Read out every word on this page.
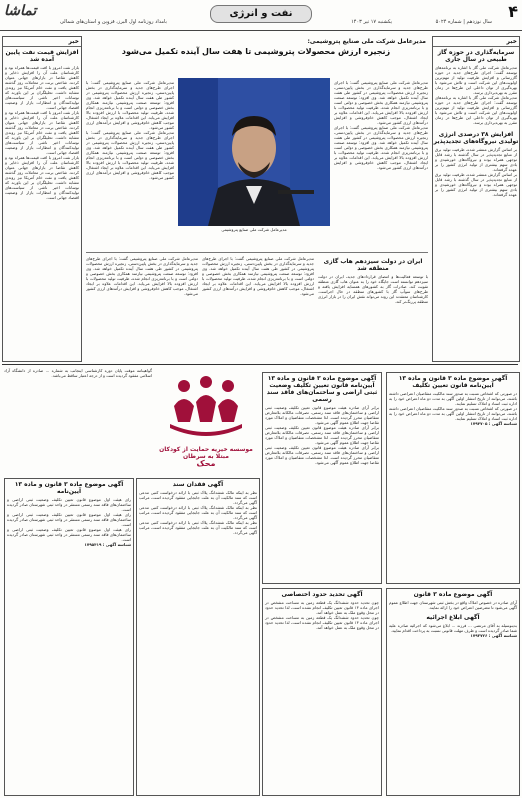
۴
نفت و انرژی
تماشا
سال نوزدهم | شماره ۵۰۲۴
یکشنبه ۱۷ تیر ۱۴۰۳
بامداد روزنامه اول البرز، قزوین و استان‌های شمالی
خبر
افزایش قیمت نفت پایین آمده شد

بازار نفت امروز با افت قیمت‌ها همراه بود و کارشناسان علت آن را افزایش ذخایر و کاهش تقاضا در بازارهای جهانی عنوان کردند. شاخص برنت در معاملات روز گذشته کاهش یافت و نفت خام آمریکا نیز روندی مشابه داشت. تحلیلگران بر این باورند که نوسانات اخیر ناشی از سیاست‌های تولیدکنندگان و انتظارات بازار از وضعیت اقتصاد جهانی است.

بازار نفت امروز با افت قیمت‌ها همراه بود و کارشناسان علت آن را افزایش ذخایر و کاهش تقاضا در بازارهای جهانی عنوان کردند. شاخص برنت در معاملات روز گذشته کاهش یافت و نفت خام آمریکا نیز روندی مشابه داشت. تحلیلگران بر این باورند که نوسانات اخیر ناشی از سیاست‌های تولیدکنندگان و انتظارات بازار از وضعیت اقتصاد جهانی است.

بازار نفت امروز با افت قیمت‌ها همراه بود و کارشناسان علت آن را افزایش ذخایر و کاهش تقاضا در بازارهای جهانی عنوان کردند. شاخص برنت در معاملات روز گذشته کاهش یافت و نفت خام آمریکا نیز روندی مشابه داشت. تحلیلگران بر این باورند که نوسانات اخیر ناشی از سیاست‌های تولیدکنندگان و انتظارات بازار از وضعیت اقتصاد جهانی است.

خبر
سرمایه‌گذاری در حوزه گاز طبیعی در سال جاری

مدیرعامل شرکت ملی گاز با اشاره به برنامه‌های توسعه گفت: اجرای طرح‌های جدید در حوزه گازرسانی و افزایش ظرفیت تولید از مهم‌ترین اولویت‌های این شرکت است و تلاش می‌شود با بهره‌گیری از توان داخلی این طرح‌ها در زمان مقرر به بهره‌برداری برسد.

مدیرعامل شرکت ملی گاز با اشاره به برنامه‌های توسعه گفت: اجرای طرح‌های جدید در حوزه گازرسانی و افزایش ظرفیت تولید از مهم‌ترین اولویت‌های این شرکت است و تلاش می‌شود با بهره‌گیری از توان داخلی این طرح‌ها در زمان مقرر به بهره‌برداری برسد.

افزایش ۳۸ درصدی انرژی تولیدی نیروگاه‌های تجدیدپذیر

بر اساس گزارش منتشر شده، ظرفیت تولید برق از منابع تجدیدپذیر در سال گذشته با رشد قابل توجهی همراه بوده و نیروگاه‌های خورشیدی و بادی سهم بیشتری از تولید انرژی کشور را بر عهده گرفته‌اند.

بر اساس گزارش منتشر شده، ظرفیت تولید برق از منابع تجدیدپذیر در سال گذشته با رشد قابل توجهی همراه بوده و نیروگاه‌های خورشیدی و بادی سهم بیشتری از تولید انرژی کشور را بر عهده گرفته‌اند.

مدیرعامل شرکت ملی صنایع پتروشیمی:
زنجیره ارزش محصولات پتروشیمی تا هفت سال آینده تکمیل می‌شود

مدیرعامل شرکت ملی صنایع پتروشیمی

مدیرعامل شرکت ملی صنایع پتروشیمی گفت: با اجرای طرح‌های جدید و سرمایه‌گذاری در بخش پایین‌دستی، زنجیره ارزش محصولات پتروشیمی در کشور طی هفت سال آینده تکمیل خواهد شد. وی افزود: توسعه صنعت پتروشیمی نیازمند همکاری بخش خصوصی و دولتی است و با برنامه‌ریزی انجام شده، ظرفیت تولید محصولات با ارزش افزوده بالا افزایش می‌یابد. این اقدامات علاوه بر ایجاد اشتغال، موجب کاهش خام‌فروشی و افزایش درآمدهای ارزی کشور می‌شود.

مدیرعامل شرکت ملی صنایع پتروشیمی گفت: با اجرای طرح‌های جدید و سرمایه‌گذاری در بخش پایین‌دستی، زنجیره ارزش محصولات پتروشیمی در کشور طی هفت سال آینده تکمیل خواهد شد. وی افزود: توسعه صنعت پتروشیمی نیازمند همکاری بخش خصوصی و دولتی است و با برنامه‌ریزی انجام شده، ظرفیت تولید محصولات با ارزش افزوده بالا افزایش می‌یابد. این اقدامات علاوه بر ایجاد اشتغال، موجب کاهش خام‌فروشی و افزایش درآمدهای ارزی کشور می‌شود.

مدیرعامل شرکت ملی صنایع پتروشیمی گفت: با اجرای طرح‌های جدید و سرمایه‌گذاری در بخش پایین‌دستی، زنجیره ارزش محصولات پتروشیمی در کشور طی هفت سال آینده تکمیل خواهد شد. وی افزود: توسعه صنعت پتروشیمی نیازمند همکاری بخش خصوصی و دولتی است و با برنامه‌ریزی انجام شده، ظرفیت تولید محصولات با ارزش افزوده بالا افزایش می‌یابد. این اقدامات علاوه بر ایجاد اشتغال، موجب کاهش خام‌فروشی و افزایش درآمدهای ارزی کشور می‌شود.

مدیرعامل شرکت ملی صنایع پتروشیمی گفت: با اجرای طرح‌های جدید و سرمایه‌گذاری در بخش پایین‌دستی، زنجیره ارزش محصولات پتروشیمی در کشور طی هفت سال آینده تکمیل خواهد شد. وی افزود: توسعه صنعت پتروشیمی نیازمند همکاری بخش خصوصی و دولتی است و با برنامه‌ریزی انجام شده، ظرفیت تولید محصولات با ارزش افزوده بالا افزایش می‌یابد. این اقدامات علاوه بر ایجاد اشتغال، موجب کاهش خام‌فروشی و افزایش درآمدهای ارزی کشور می‌شود.

مدیرعامل شرکت ملی صنایع پتروشیمی گفت: با اجرای طرح‌های جدید و سرمایه‌گذاری در بخش پایین‌دستی، زنجیره ارزش محصولات پتروشیمی در کشور طی هفت سال آینده تکمیل خواهد شد. وی افزود: توسعه صنعت پتروشیمی نیازمند همکاری بخش خصوصی و دولتی است و با برنامه‌ریزی انجام شده، ظرفیت تولید محصولات با ارزش افزوده بالا افزایش می‌یابد. این اقدامات علاوه بر ایجاد اشتغال، موجب کاهش خام‌فروشی و افزایش درآمدهای ارزی کشور می‌شود.

مدیرعامل شرکت ملی صنایع پتروشیمی گفت: با اجرای طرح‌های جدید و سرمایه‌گذاری در بخش پایین‌دستی، زنجیره ارزش محصولات پتروشیمی در کشور طی هفت سال آینده تکمیل خواهد شد. وی افزود: توسعه صنعت پتروشیمی نیازمند همکاری بخش خصوصی و دولتی است و با برنامه‌ریزی انجام شده، ظرفیت تولید محصولات با ارزش افزوده بالا افزایش می‌یابد. این اقدامات علاوه بر ایجاد اشتغال، موجب کاهش خام‌فروشی و افزایش درآمدهای ارزی کشور می‌شود.

ایران در دولت سیزدهم هاب گازی منطقه شد

با توسعه فعالیت‌ها و امضای قراردادهای جدید، ایران در دولت سیزدهم توانسته است جایگاه خود را به عنوان هاب گازی منطقه تقویت کند. صادرات گاز به کشورهای همسایه افزایش یافته و طرح‌های سوآپ گاز با کشورهای منطقه در حال اجراست. کارشناسان معتقدند این روند می‌تواند نقش ایران را در بازار انرژی منطقه پررنگ‌تر کند.

گواهینامه موقت پایان دوره کارشناسی اینجانب به شماره ... صادره از دانشگاه آزاد اسلامی مفقود گردیده است و از درجه اعتبار ساقط می‌باشد.

موسسه خیریه حمایت از کودکان مبتلا به سرطان
محک
آگهی موضوع ماده ۳ قانون و ماده ۱۳ آیین‌نامه قانون تعیین تکلیف وضعیت ثبتی اراضی و ساختمان‌های فاقد سند رسمی

برابر آرای صادره هیئت موضوع قانون تعیین تکلیف وضعیت ثبتی اراضی و ساختمان‌های فاقد سند رسمی، تصرفات مالکانه بلامعارض متقاضیان محرز گردیده است. لذا مشخصات متقاضیان و املاک مورد تقاضا جهت اطلاع عموم آگهی می‌شود.

برابر آرای صادره هیئت موضوع قانون تعیین تکلیف وضعیت ثبتی اراضی و ساختمان‌های فاقد سند رسمی، تصرفات مالکانه بلامعارض متقاضیان محرز گردیده است. لذا مشخصات متقاضیان و املاک مورد تقاضا جهت اطلاع عموم آگهی می‌شود.

برابر آرای صادره هیئت موضوع قانون تعیین تکلیف وضعیت ثبتی اراضی و ساختمان‌های فاقد سند رسمی، تصرفات مالکانه بلامعارض متقاضیان محرز گردیده است. لذا مشخصات متقاضیان و املاک مورد تقاضا جهت اطلاع عموم آگهی می‌شود.

آگهی موضوع ماده ۳ قانون و ماده ۱۳ آیین‌نامه قانون تعیین تکلیف

در صورتی که اشخاص نسبت به صدور سند مالکیت متقاضیان اعتراضی داشته باشند، می‌توانند از تاریخ انتشار اولین آگهی به مدت دو ماه اعتراض خود را به اداره ثبت اسناد و املاک تسلیم نمایند.

در صورتی که اشخاص نسبت به صدور سند مالکیت متقاضیان اعتراضی داشته باشند، می‌توانند از تاریخ انتشار اولین آگهی به مدت دو ماه اعتراض خود را به اداره ثبت اسناد و املاک تسلیم نمایند.

شناسه آگهی : ۱۷۹۴۷۰۵
آگهی موضوع ماده ۳ قانون و ماده ۱۳ آیین‌نامه

رای هیئت اول موضوع قانون تعیین تکلیف وضعیت ثبتی اراضی و ساختمان‌های فاقد سند رسمی مستقر در واحد ثبتی شهرستان صادر گردیده است.

رای هیئت اول موضوع قانون تعیین تکلیف وضعیت ثبتی اراضی و ساختمان‌های فاقد سند رسمی مستقر در واحد ثبتی شهرستان صادر گردیده است.

رای هیئت اول موضوع قانون تعیین تکلیف وضعیت ثبتی اراضی و ساختمان‌های فاقد سند رسمی مستقر در واحد ثبتی شهرستان صادر گردیده است.

شناسه آگهی : ۱۷۹۵۴۱۹
آگهی فقدان سند

نظر به اینکه مالک ششدانگ پلاک ثبتی با ارائه درخواست کتبی مدعی است که سند مالکیت آن به علت جابجایی مفقود گردیده است، مراتب آگهی می‌گردد.

نظر به اینکه مالک ششدانگ پلاک ثبتی با ارائه درخواست کتبی مدعی است که سند مالکیت آن به علت جابجایی مفقود گردیده است، مراتب آگهی می‌گردد.

نظر به اینکه مالک ششدانگ پلاک ثبتی با ارائه درخواست کتبی مدعی است که سند مالکیت آن به علت جابجایی مفقود گردیده است، مراتب آگهی می‌گردد.

آگهی تحدید حدود اختصاصی

چون تحدید حدود ششدانگ یک قطعه زمین به مساحت مشخص در اجرای ماده ۱۳ قانون تعیین تکلیف انجام نشده است، لذا تحدید حدود در محل وقوع ملک به عمل خواهد آمد.

چون تحدید حدود ششدانگ یک قطعه زمین به مساحت مشخص در اجرای ماده ۱۳ قانون تعیین تکلیف انجام نشده است، لذا تحدید حدود در محل وقوع ملک به عمل خواهد آمد.

آگهی موضوع ماده ۳ قانون

آرای صادره در خصوص املاک واقع در بخش ثبتی شهرستان جهت اطلاع عموم آگهی می‌شود تا معترضین اعتراض خود را ارائه نمایند.

آگهی ابلاغ اجرائیه

بدینوسیله به آقای مرتضی ... فرزند ... ابلاغ می‌شود که اجرائیه صادره علیه شما صادر گردیده است و ظرف مهلت قانونی نسبت به پرداخت اقدام نمایید.

شناسه آگهی : ۱۷۹۳۷۲۶
